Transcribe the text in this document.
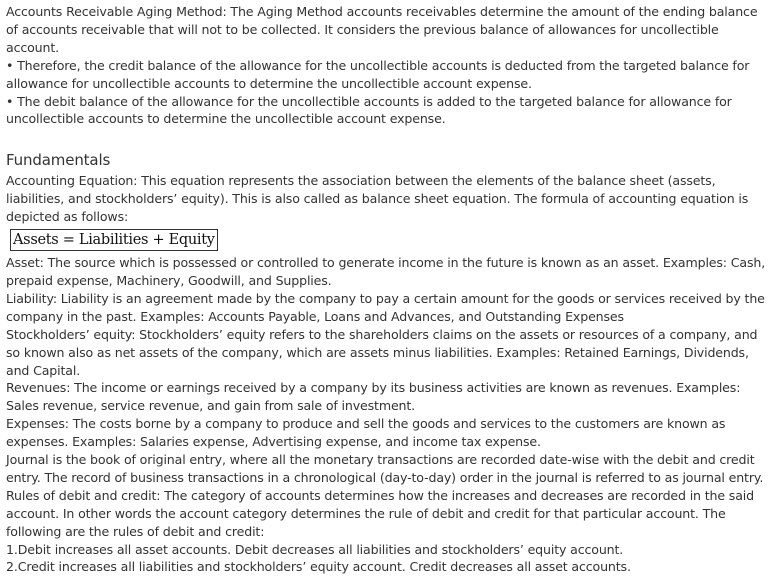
Accounts Receivable Aging Method: The Aging Method accounts receivables determine the amount of the ending balance of accounts receivable that will not to be collected. It considers the previous balance of allowances for uncollectible account.

• Therefore, the credit balance of the allowance for the uncollectible accounts is deducted from the targeted balance for allowance for uncollectible accounts to determine the uncollectible account expense.

• The debit balance of the allowance for the uncollectible accounts is added to the targeted balance for allowance for uncollectible accounts to determine the uncollectible account expense.

Fundamentals

Accounting Equation: This equation represents the association between the elements of the balance sheet (assets, liabilities, and stockholders’ equity). This is also called as balance sheet equation. The formula of accounting equation is depicted as follows:

Assets = Liabilities + Equity

Asset: The source which is possessed or controlled to generate income in the future is known as an asset. Examples: Cash, prepaid expense, Machinery, Goodwill, and Supplies.

Liability: Liability is an agreement made by the company to pay a certain amount for the goods or services received by the company in the past. Examples: Accounts Payable, Loans and Advances, and Outstanding Expenses

Stockholders’ equity: Stockholders’ equity refers to the shareholders claims on the assets or resources of a company, and so known also as net assets of the company, which are assets minus liabilities. Examples: Retained Earnings, Dividends, and Capital.

Revenues: The income or earnings received by a company by its business activities are known as revenues. Examples: Sales revenue, service revenue, and gain from sale of investment.

Expenses: The costs borne by a company to produce and sell the goods and services to the customers are known as expenses. Examples: Salaries expense, Advertising expense, and income tax expense.

Journal is the book of original entry, where all the monetary transactions are recorded date-wise with the debit and credit entry. The record of business transactions in a chronological (day-to-day) order in the journal is referred to as journal entry.

Rules of debit and credit: The category of accounts determines how the increases and decreases are recorded in the said account. In other words the account category determines the rule of debit and credit for that particular account. The following are the rules of debit and credit:

1.Debit increases all asset accounts. Debit decreases all liabilities and stockholders’ equity account.

2.Credit increases all liabilities and stockholders’ equity account. Credit decreases all asset accounts.
